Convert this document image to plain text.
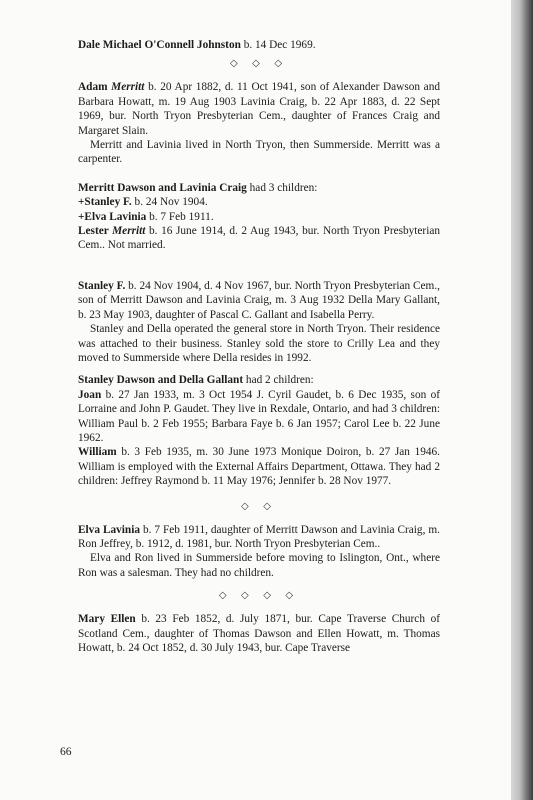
Dale Michael O'Connell Johnston b. 14 Dec 1969.

◇ ◇ ◇

Adam Merritt b. 20 Apr 1882, d. 11 Oct 1941, son of Alexander Dawson and Barbara Howatt, m. 19 Aug 1903 Lavinia Craig, b. 22 Apr 1883, d. 22 Sept 1969, bur. North Tryon Presbyterian Cem., daughter of Frances Craig and Margaret Slain.

Merritt and Lavinia lived in North Tryon, then Summerside. Merritt was a carpenter.

Merritt Dawson and Lavinia Craig had 3 children:

+Stanley F. b. 24 Nov 1904.

+Elva Lavinia b. 7 Feb 1911.

Lester Merritt b. 16 June 1914, d. 2 Aug 1943, bur. North Tryon Presbyterian Cem.. Not married.

Stanley F. b. 24 Nov 1904, d. 4 Nov 1967, bur. North Tryon Presbyterian Cem., son of Merritt Dawson and Lavinia Craig, m. 3 Aug 1932 Della Mary Gallant, b. 23 May 1903, daughter of Pascal C. Gallant and Isabella Perry.

Stanley and Della operated the general store in North Tryon. Their residence was attached to their business. Stanley sold the store to Crilly Lea and they moved to Summerside where Della resides in 1992.

Stanley Dawson and Della Gallant had 2 children:

Joan b. 27 Jan 1933, m. 3 Oct 1954 J. Cyril Gaudet, b. 6 Dec 1935, son of Lorraine and John P. Gaudet. They live in Rexdale, Ontario, and had 3 children: William Paul b. 2 Feb 1955; Barbara Faye b. 6 Jan 1957; Carol Lee b. 22 June 1962.

William b. 3 Feb 1935, m. 30 June 1973 Monique Doiron, b. 27 Jan 1946. William is employed with the External Affairs Department, Ottawa. They had 2 children: Jeffrey Raymond b. 11 May 1976; Jennifer b. 28 Nov 1977.

◇ ◇

Elva Lavinia b. 7 Feb 1911, daughter of Merritt Dawson and Lavinia Craig, m. Ron Jeffrey, b. 1912, d. 1981, bur. North Tryon Presbyterian Cem..

Elva and Ron lived in Summerside before moving to Islington, Ont., where Ron was a salesman. They had no children.

◇ ◇ ◇ ◇

Mary Ellen b. 23 Feb 1852, d. July 1871, bur. Cape Traverse Church of Scotland Cem., daughter of Thomas Dawson and Ellen Howatt, m. Thomas Howatt, b. 24 Oct 1852, d. 30 July 1943, bur. Cape Traverse

66
